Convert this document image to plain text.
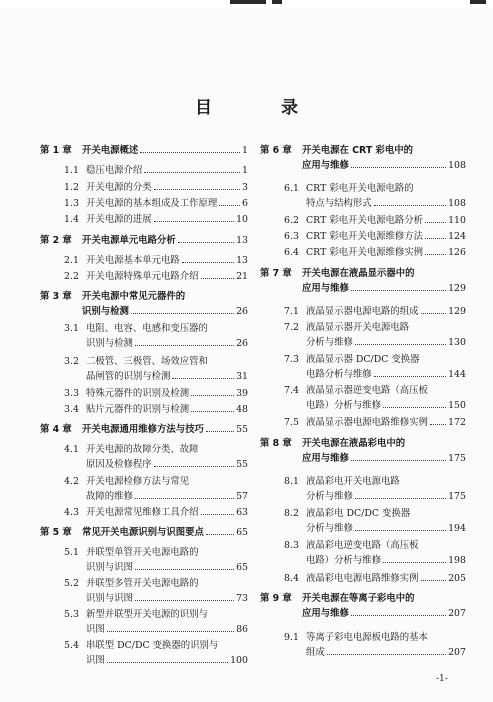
目　录
第 1 章 开关电源概述	1
1.1 稳压电源介绍	1
1.2 开关电源的分类	3
1.3 开关电源的基本组成及工作原理	6
1.4 开关电源的进展	10
第 2 章 开关电源单元电路分析	13
2.1 开关电源基本单元电路	13
2.2 开关电源特殊单元电路介绍	21
第 3 章 开关电源中常见元器件的
识别与检测	26
3.1 电阻、电容、电感和变压器的
识别与检测	26
3.2 二极管、三极管、场效应管和
晶闸管的识别与检测	31
3.3 特殊元器件的识别及检测	39
3.4 贴片元器件的识别与检测	48
第 4 章 开关电源通用维修方法与技巧	55
4.1 开关电源的故障分类、故障
原因及检修程序	55
4.2 开关电源检修方法与常见
故障的维修	57
4.3 开关电源常见维修工具介绍	63
第 5 章 常见开关电源识别与识图要点	65
5.1 并联型单管开关电源电路的
识别与识图	65
5.2 并联型多管开关电源电路的
识别与识图	73
5.3 新型并联型开关电源的识别与
识图	86
5.4 串联型 DC/DC 变换器的识别与
识图	100
第 6 章 开关电源在 CRT 彩电中的
应用与维修	108
6.1 CRT 彩电开关电源电路的
特点与结构形式	108
6.2 CRT 彩电开关电源电路分析	110
6.3 CRT 彩电开关电源维修方法	124
6.4 CRT 彩电开关电源维修实例	126
第 7 章 开关电源在液晶显示器中的
应用与维修	129
7.1 液晶显示器电源电路的组成	129
7.2 液晶显示器开关电源电路
分析与维修	130
7.3 液晶显示器 DC/DC 变换器
电路分析与维修	144
7.4 液晶显示器逆变电路（高压板
电路）分析与维修	150
7.5 液晶显示器电源电路维修实例 172
第 8 章 开关电源在液晶彩电中的
应用与维修	175
8.1 液晶彩电开关电源电路
分析与维修	175
8.2 液晶彩电 DC/DC 变换器
分析与维修	194
8.3 液晶彩电逆变电路（高压板
电路）分析与维修	198
8.4 液晶彩电电源电路维修实例	205
第 9 章 开关电源在等离子彩电中的
应用与维修	207
9.1 等离子彩电电源板电路的基本
组成	207
-1-
